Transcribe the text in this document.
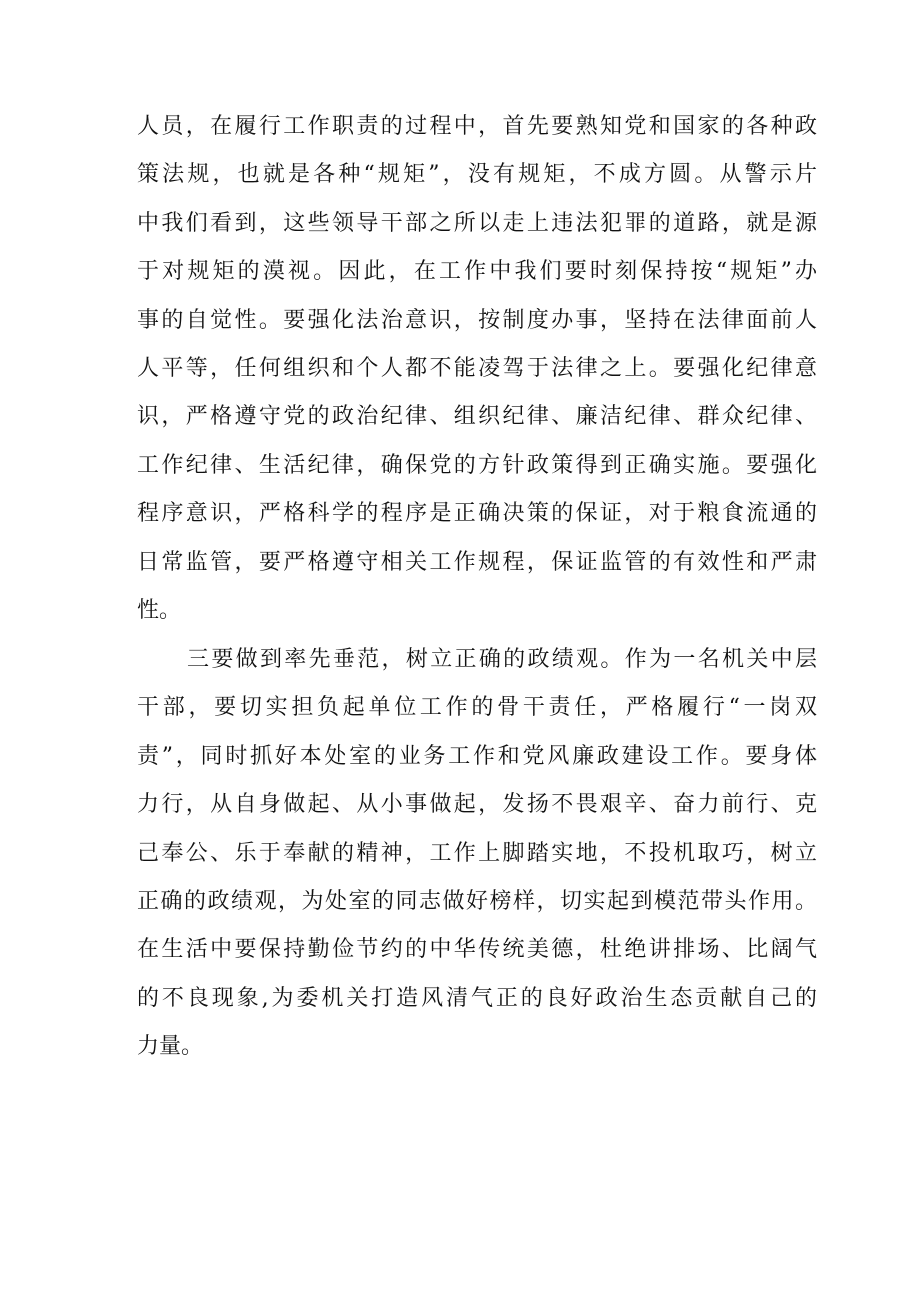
人员，在履行工作职责的过程中，首先要熟知党和国家的各种政
策法规，也就是各种“规矩”，没有规矩，不成方圆。从警示片
中我们看到，这些领导干部之所以走上违法犯罪的道路，就是源
于对规矩的漠视。因此，在工作中我们要时刻保持按“规矩”办
事的自觉性。要强化法治意识，按制度办事，坚持在法律面前人
人平等，任何组织和个人都不能凌驾于法律之上。要强化纪律意
识，严格遵守党的政治纪律、组织纪律、廉洁纪律、群众纪律、
工作纪律、生活纪律，确保党的方针政策得到正确实施。要强化
程序意识，严格科学的程序是正确决策的保证，对于粮食流通的
日常监管，要严格遵守相关工作规程，保证监管的有效性和严肃
性。
三要做到率先垂范，树立正确的政绩观。作为一名机关中层
干部，要切实担负起单位工作的骨干责任，严格履行“一岗双
责”，同时抓好本处室的业务工作和党风廉政建设工作。要身体
力行，从自身做起、从小事做起，发扬不畏艰辛、奋力前行、克
己奉公、乐于奉献的精神，工作上脚踏实地，不投机取巧，树立
正确的政绩观，为处室的同志做好榜样，切实起到模范带头作用。
在生活中要保持勤俭节约的中华传统美德，杜绝讲排场、比阔气
的不良现象,为委机关打造风清气正的良好政治生态贡献自己的
力量。
